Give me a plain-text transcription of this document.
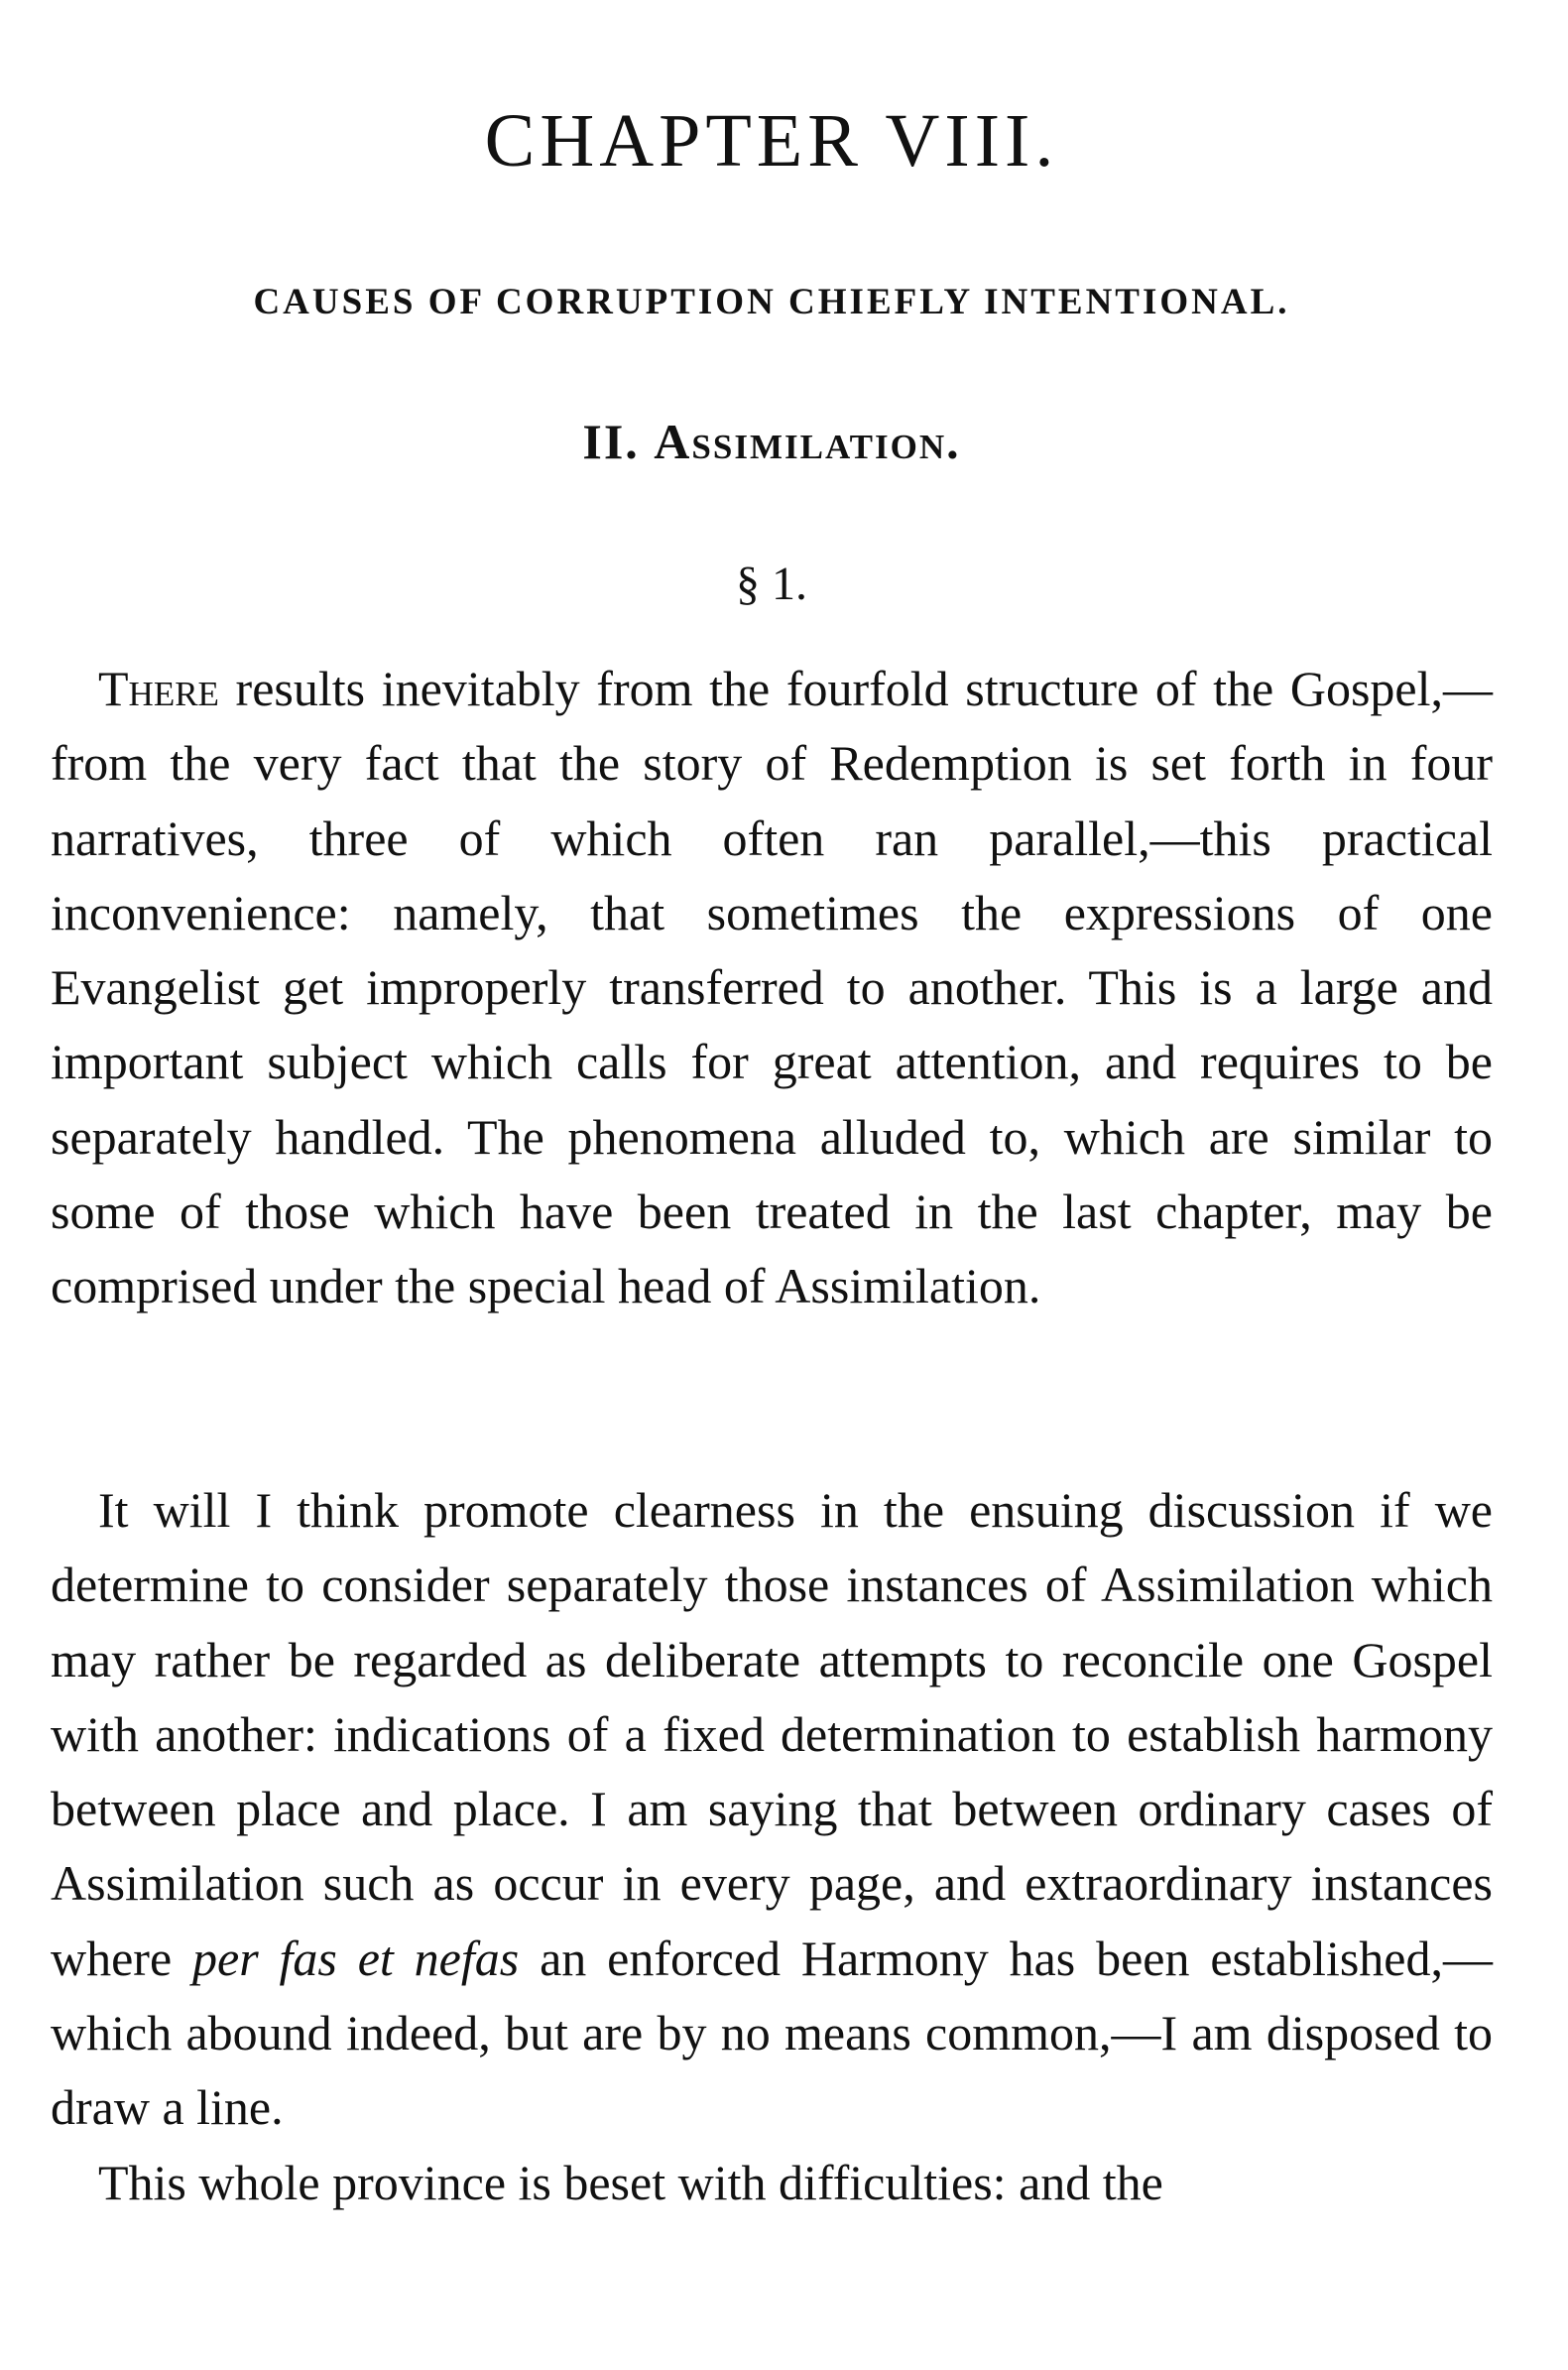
CHAPTER VIII.
CAUSES OF CORRUPTION CHIEFLY INTENTIONAL.
II. Assimilation.
§ 1.

There results inevitably from the fourfold structure of the Gospel,—from the very fact that the story of Redemption is set forth in four narratives, three of which often ran parallel,—this practical inconvenience: namely, that sometimes the expressions of one Evangelist get improperly transferred to another. This is a large and important subject which calls for great attention, and requires to be separately handled. The phenomena alluded to, which are similar to some of those which have been treated in the last chapter, may be comprised under the special head of Assimilation.

It will I think promote clearness in the ensuing discussion if we determine to consider separately those instances of Assimilation which may rather be regarded as deliberate attempts to reconcile one Gospel with another: indications of a fixed determination to establish harmony between place and place. I am saying that between ordinary cases of Assimilation such as occur in every page, and extraordinary instances where per fas et nefas an enforced Harmony has been established,—which abound indeed, but are by no means common,—I am disposed to draw a line.

This whole province is beset with difficulties: and the
